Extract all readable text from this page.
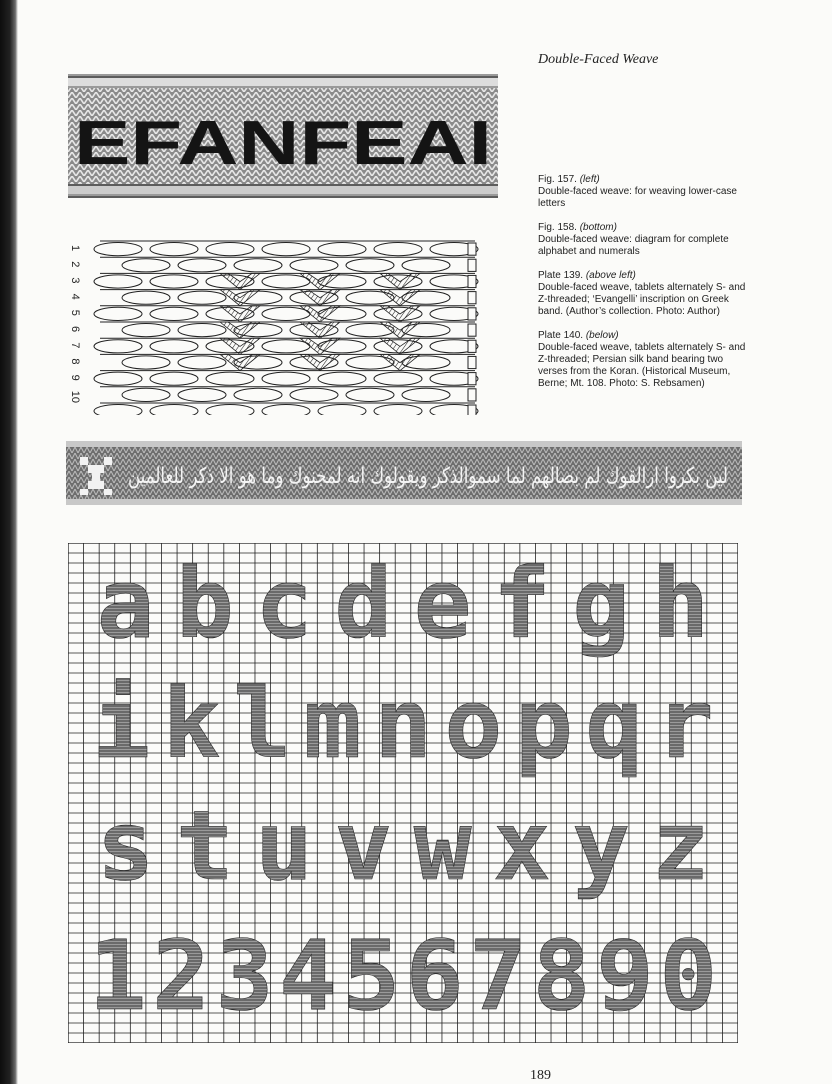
Double-Faced Weave
EFANFEAI
1
2
3
4
5
6
7
8
9
10
Fig. 157. (left)
Double-faced weave: for weaving lower-case letters
Fig. 158. (bottom)
Double-faced weave: diagram for complete alphabet and numerals
Plate 139. (above left)
Double-faced weave, tablets alternately S- and Z-threaded; ‘Evangelli’ inscription on Greek band. (Author’s collection. Photo: Author)
Plate 140. (below)
Double-faced weave, tablets alternately S- and Z-threaded; Persian silk band bearing two verses from the Koran. (Historical Museum, Berne; Mt. 108. Photo: S. Rebsamen)
لين بكروا ارالقوك لم بصالهم لما سموالذكر ويقولوك انه لمجنوك وما هو الا ذكر للعالمين
a b c d e f g h
i k l m n o p q r
s t u v w x y z
1 2 3 4 5 6 7 8 9 0
189
